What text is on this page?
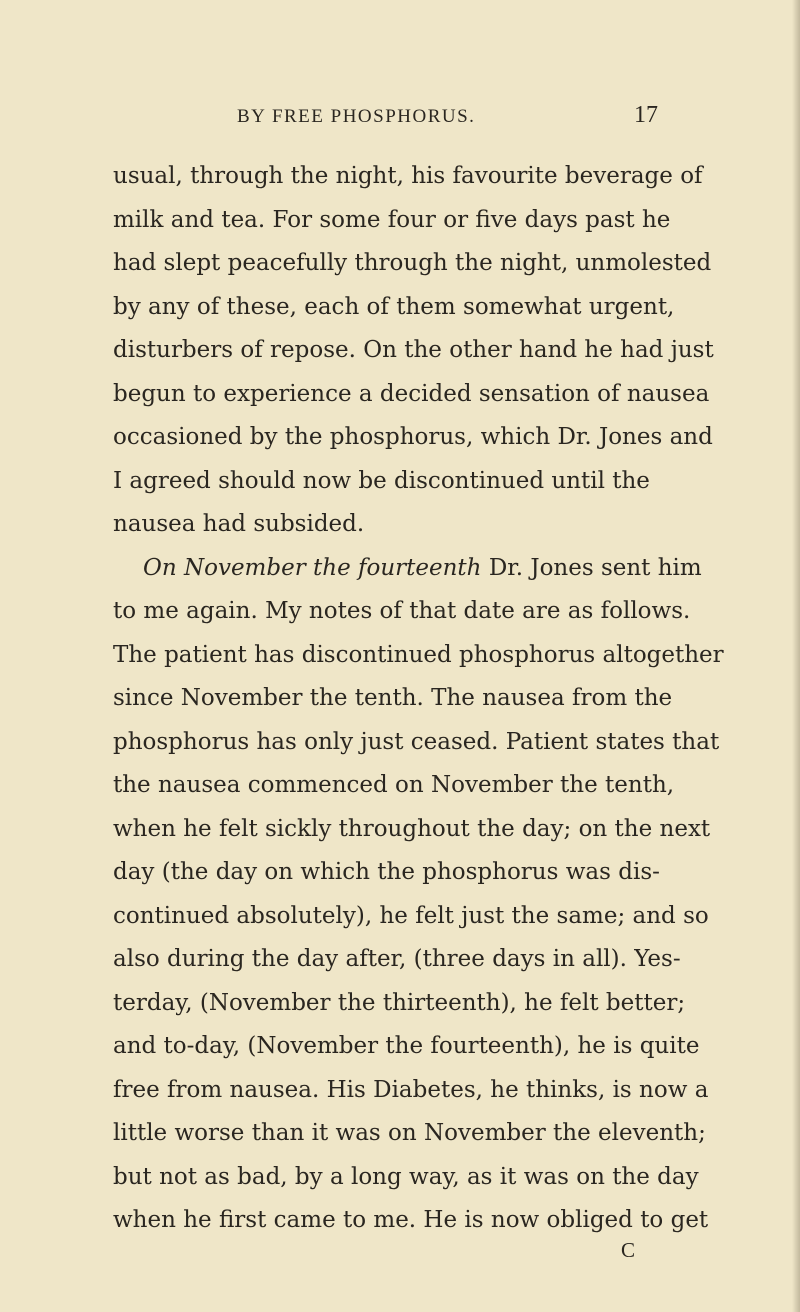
BY FREE PHOSPHORUS.	17
usual, through the night, his favourite beverage of
milk and tea. For some four or five days past he
had slept peacefully through the night, unmolested
by any of these, each of them somewhat urgent,
disturbers of repose. On the other hand he had just
begun to experience a decided sensation of nausea
occasioned by the phosphorus, which Dr. Jones and
I agreed should now be discontinued until the
nausea had subsided.
On November the fourteenth Dr. Jones sent him
to me again. My notes of that date are as follows.
The patient has discontinued phosphorus altogether
since November the tenth. The nausea from the
phosphorus has only just ceased. Patient states that
the nausea commenced on November the tenth,
when he felt sickly throughout the day; on the next
day (the day on which the phosphorus was dis-
continued absolutely), he felt just the same; and so
also during the day after, (three days in all). Yes-
terday, (November the thirteenth), he felt better;
and to-day, (November the fourteenth), he is quite
free from nausea. His Diabetes, he thinks, is now a
little worse than it was on November the eleventh;
but not as bad, by a long way, as it was on the day
when he first came to me. He is now obliged to get
C
